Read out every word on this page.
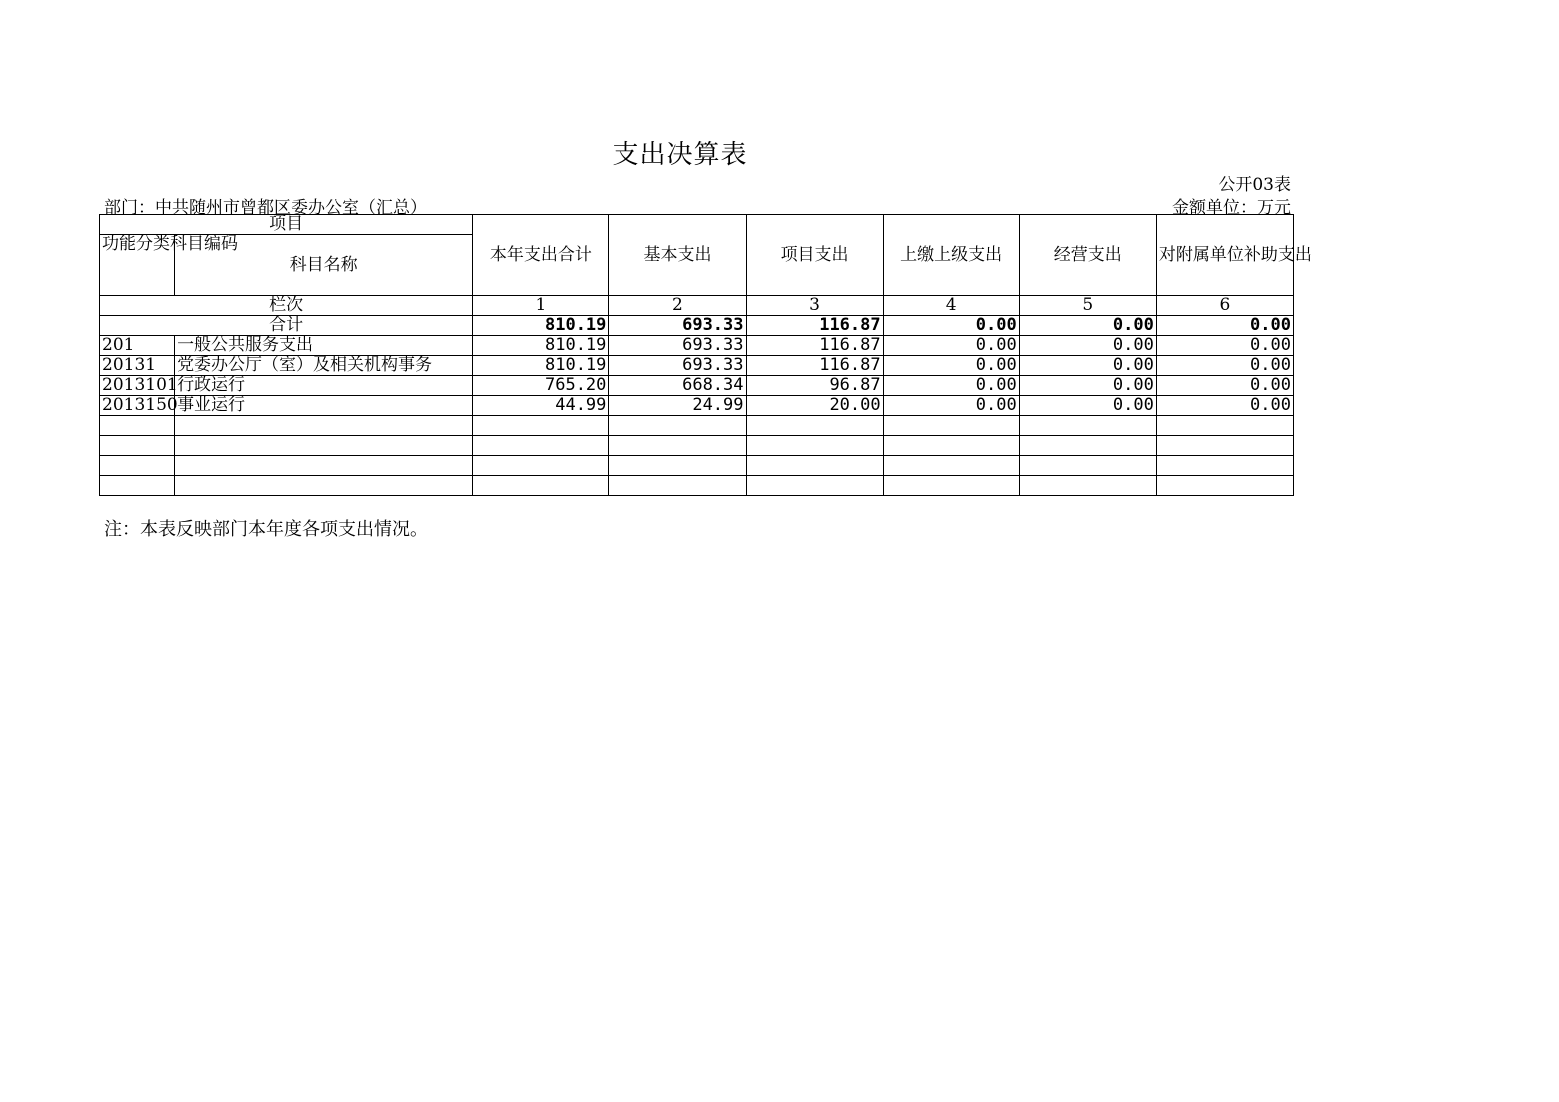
支出决算表
公开03表
部门：中共随州市曾都区委办公室（汇总）	金额单位：万元
项目		本年支出合计	基本支出	项目支出	上缴上级支出	经营支出	对附属单位补助支出
功能分类科目编码	科目名称						
栏次		1	2	3	4	5	6
合计		810.19	693.33	116.87	0.00	0.00	0.00
201	一般公共服务支出	810.19	693.33	116.87	0.00	0.00	0.00
20131	党委办公厅（室）及相关机构事务	810.19	693.33	116.87	0.00	0.00	0.00
2013101	行政运行	765.20	668.34	96.87	0.00	0.00	0.00
2013150	事业运行	44.99	24.99	20.00	0.00	0.00	0.00

注：本表反映部门本年度各项支出情况。
